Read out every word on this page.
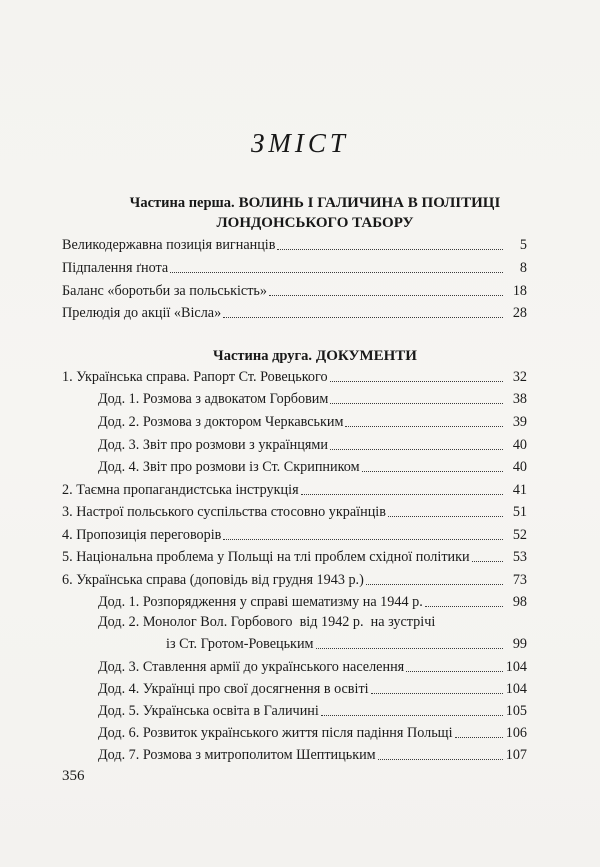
ЗМІСТ
Частина перша. ВОЛИНЬ І ГАЛИЧИНА В ПОЛІТИЦІ
ЛОНДОНСЬКОГО ТАБОРУ
Великодержавна позиція вигнанців	5
Підпалення ґнота	8
Баланс «боротьби за польськість»	18
Прелюдія до акції «Вісла»	28
Частина друга. ДОКУМЕНТИ
1. Українська справа. Рапорт Ст. Ровецького	32
Дод. 1. Розмова з адвокатом Горбовим	38
Дод. 2. Розмова з доктором Черкавським	39
Дод. 3. Звіт про розмови з українцями	40
Дод. 4. Звіт про розмови із Ст. Скрипником	40
2. Таємна пропагандистська інструкція	41
3. Настрої польського суспільства стосовно українців	51
4. Пропозиція переговорів	52
5. Національна проблема у Польщі на тлі проблем східної політики	53
6. Українська справа (доповідь від грудня 1943 р.)	73
Дод. 1. Розпорядження у справі шематизму на 1944 р.	98
Дод. 2. Монолог Вол. Горбового  від 1942 р.  на зустрічі
із Ст. Гротом-Ровецьким	99
Дод. 3. Ставлення армії до українського населення	104
Дод. 4. Українці про свої досягнення в освіті	104
Дод. 5. Українська освіта в Галичині	105
Дод. 6. Розвиток українського життя після падіння Польщі	106
Дод. 7. Розмова з митрополитом Шептицьким	107
356
